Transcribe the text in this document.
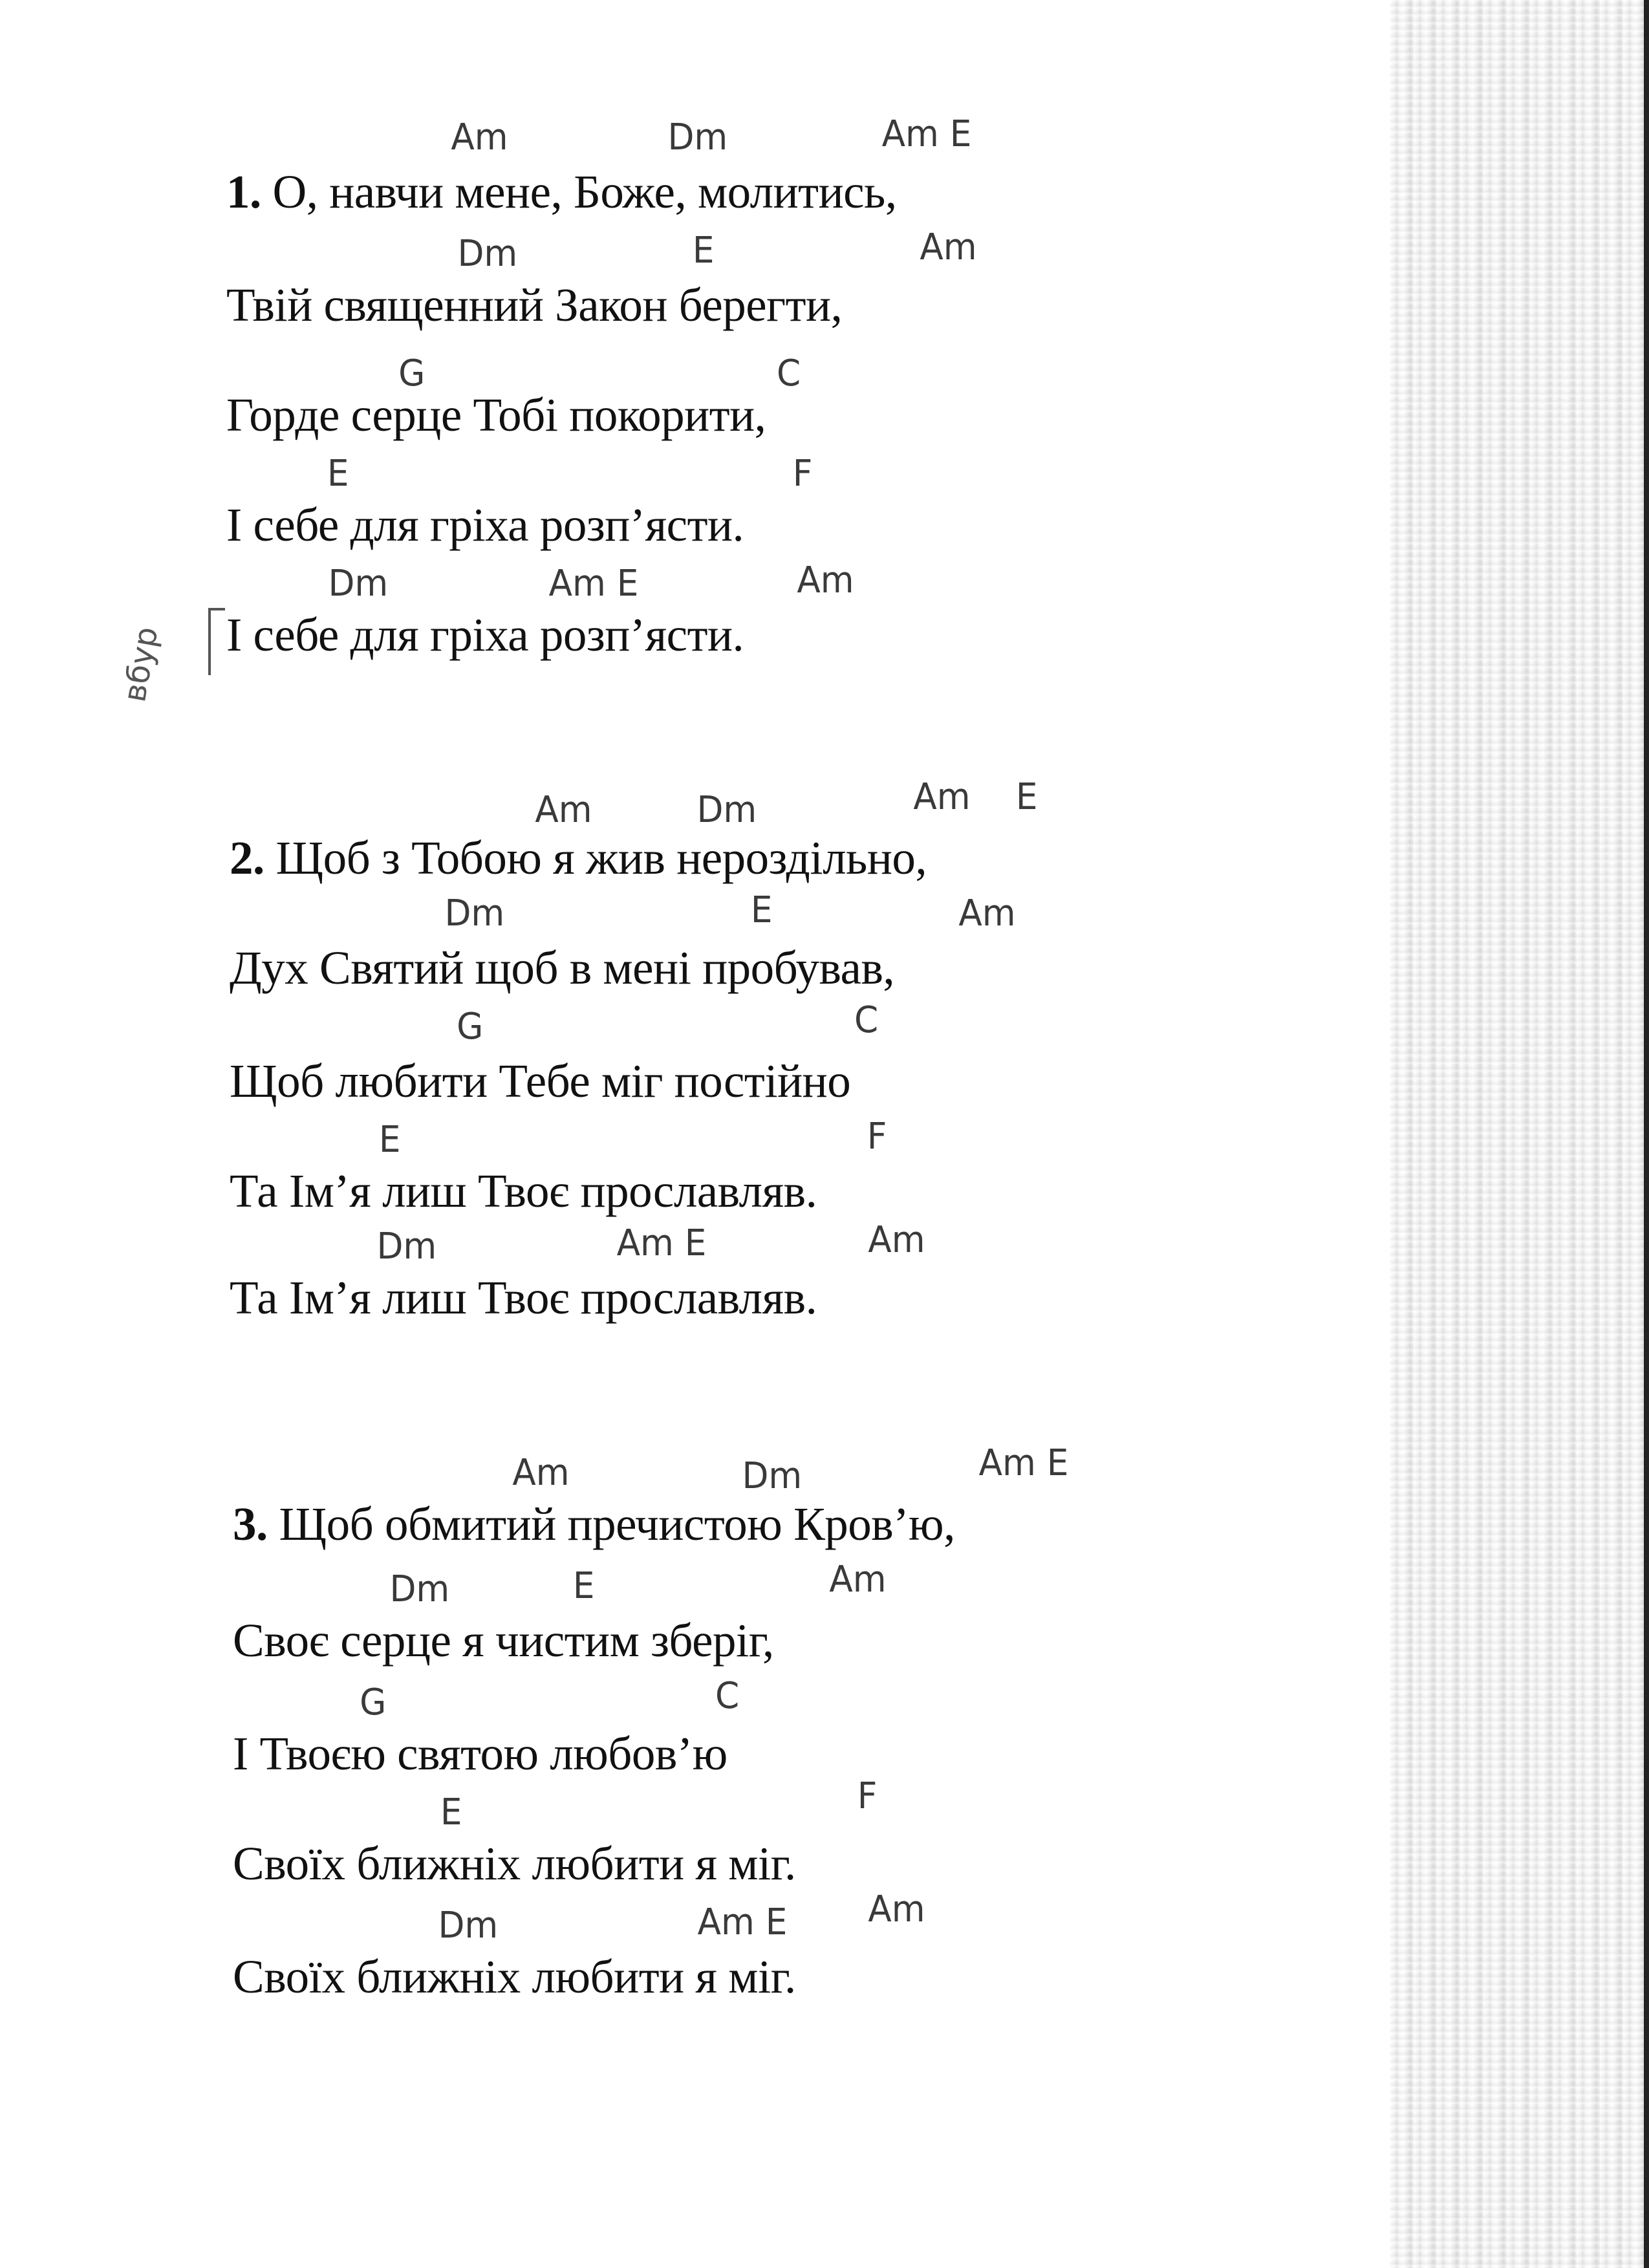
Am	Dm	Am E
1. О, навчи мене, Боже, молитись,
Dm	E	Am
Твій священний Закон берегти,
G	C
Горде серце Тобі покорити,
E	F
І себе для гріха розп’ясти.
Dm	Am E	Am
І себе для гріха розп’ясти.
вбур
Am	Dm	Am E
2. Щоб з Тобою я жив нероздільно,
Dm	E	Am
Дух Святий щоб в мені пробував,
G	C
Щоб любити Тебе міг постійно
E	F
Та Ім’я лиш Твоє прославляв.
Dm	Am E	Am
Та Ім’я лиш Твоє прославляв.
Am	Dm	Am E
3. Щоб обмитий пречистою Кров’ю,
Dm	E	Am
Своє серце я чистим зберіг,
G	C
І Твоєю святою любов’ю
E	F
Своїх ближніх любити я міг.
Dm	Am E Am
Своїх ближніх любити я міг.
